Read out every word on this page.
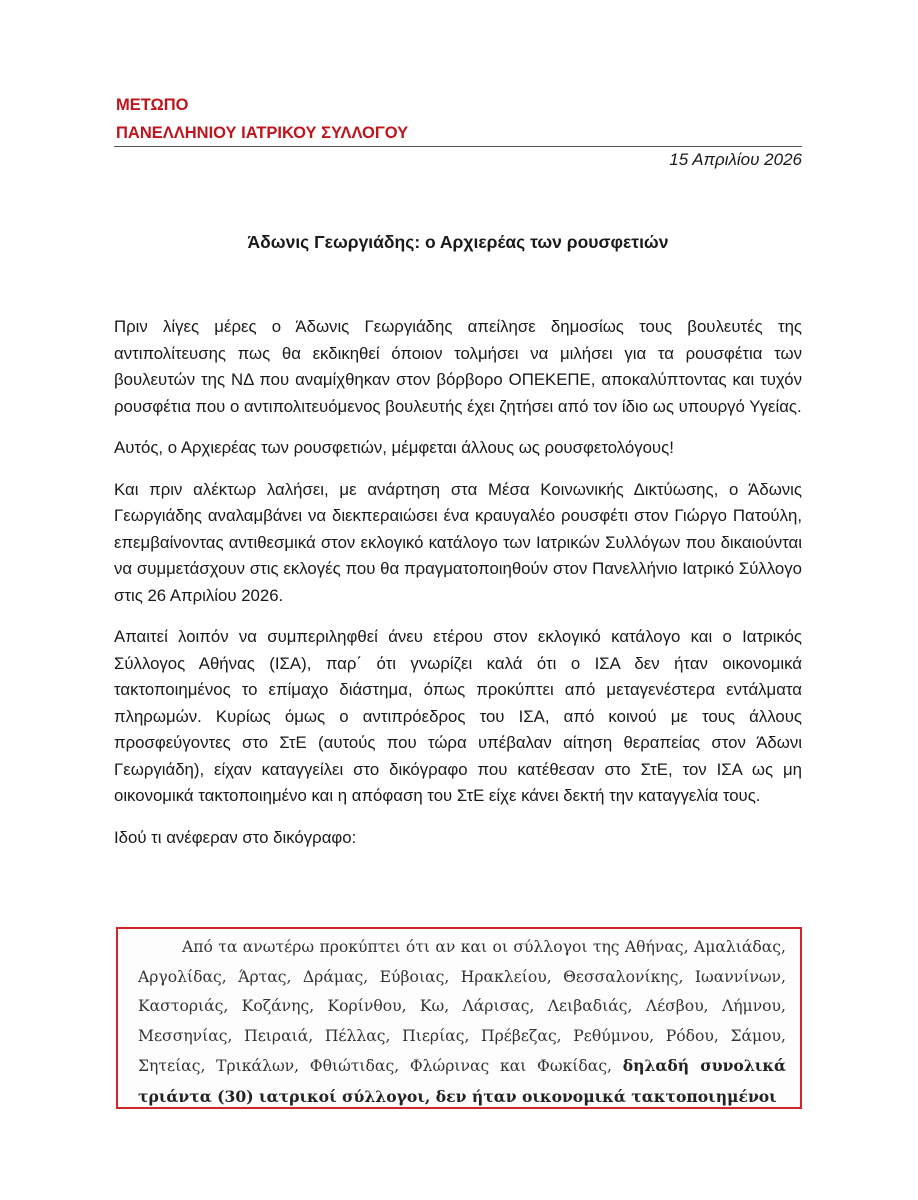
ΜΕΤΩΠΟ
ΠΑΝΕΛΛΗΝΙΟΥ ΙΑΤΡΙΚΟΥ ΣΥΛΛΟΓΟΥ
15 Απριλίου 2026
Άδωνις Γεωργιάδης: ο Αρχιερέας των ρουσφετιών

Πριν λίγες μέρες ο Άδωνις Γεωργιάδης απείλησε δημοσίως τους βουλευτές της αντιπολίτευσης πως θα εκδικηθεί όποιον τολμήσει να μιλήσει για τα ρουσφέτια των βουλευτών της ΝΔ που αναμίχθηκαν στον βόρβορο ΟΠΕΚΕΠΕ, αποκαλύπτοντας και τυχόν ρουσφέτια που ο αντιπολιτευόμενος βουλευτής έχει ζητήσει από τον ίδιο ως υπουργό Υγείας.

Αυτός, ο Αρχιερέας των ρουσφετιών, μέμφεται άλλους ως ρουσφετολόγους!

Και πριν αλέκτωρ λαλήσει, με ανάρτηση στα Μέσα Κοινωνικής Δικτύωσης, ο Άδωνις Γεωργιάδης αναλαμβάνει να διεκπεραιώσει ένα κραυγαλέο ρουσφέτι στον Γιώργο Πατούλη, επεμβαίνοντας αντιθεσμικά στον εκλογικό κατάλογο των Ιατρικών Συλλόγων που δικαιούνται να συμμετάσχουν στις εκλογές που θα πραγματοποιηθούν στον Πανελλήνιο Ιατρικό Σύλλογο στις 26 Απριλίου 2026.

Απαιτεί λοιπόν να συμπεριληφθεί άνευ ετέρου στον εκλογικό κατάλογο και ο Ιατρικός Σύλλογος Αθήνας (ΙΣΑ), παρ΄ ότι γνωρίζει καλά ότι ο ΙΣΑ δεν ήταν οικονομικά τακτοποιημένος το επίμαχο διάστημα, όπως προκύπτει από μεταγενέστερα εντάλματα πληρωμών. Κυρίως όμως ο αντιπρόεδρος του ΙΣΑ, από κοινού με τους άλλους προσφεύγοντες στο ΣτΕ (αυτούς που τώρα υπέβαλαν αίτηση θεραπείας στον Άδωνι Γεωργιάδη), είχαν καταγγείλει στο δικόγραφο που κατέθεσαν στο ΣτΕ, τον ΙΣΑ ως μη οικονομικά τακτοποιημένο και η απόφαση του ΣτΕ είχε κάνει δεκτή την καταγγελία τους.

Ιδού τι ανέφεραν στο δικόγραφο:

Από τα ανωτέρω προκύπτει ότι αν και οι σύλλογοι της Αθήνας, Αμαλιάδας, Αργολίδας, Άρτας, Δράμας, Εύβοιας, Ηρακλείου, Θεσσαλονίκης, Ιωαννίνων, Καστοριάς, Κοζάνης, Κορίνθου, Κω, Λάρισας, Λειβαδιάς, Λέσβου, Λήμνου, Μεσσηνίας, Πειραιά, Πέλλας, Πιερίας, Πρέβεζας, Ρεθύμνου, Ρόδου, Σάμου, Σητείας, Τρικάλων, Φθιώτιδας, Φλώρινας και Φωκίδας, δηλαδή συνολικά τριάντα (30) ιατρικοί σύλλογοι, δεν ήταν οικονομικά τακτοποιημένοι
